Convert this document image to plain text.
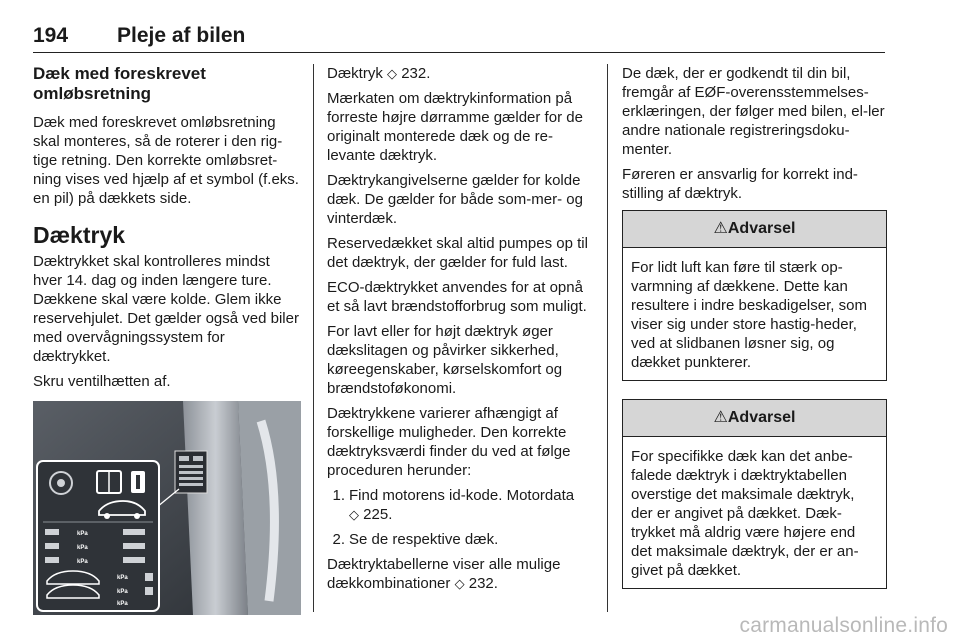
194 Pleje af bilen
Dæk med foreskrevet omløbsretning

Dæk med foreskrevet omløbsretning skal monteres, så de roterer i den rig-tige retning. Den korrekte omløbsret-ning vises ved hjælp af et symbol (f.eks. en pil) på dækkets side.

Dæktryk

Dæktrykket skal kontrolleres mindst hver 14. dag og inden længere ture. Dækkene skal være kolde. Glem ikke reservehjulet. Det gælder også ved biler med overvågningssystem for dæktrykket.

Skru ventilhætten af.

kPa
kPa
kPa
kPa
kPa
kPa

Dæktryk ◇ 232.

Mærkaten om dæktrykinformation på forreste højre dørramme gælder for de originalt monterede dæk og de re-levante dæktryk.

Dæktrykangivelserne gælder for kolde dæk. De gælder for både som-mer- og vinterdæk.

Reservedækket skal altid pumpes op til det dæktryk, der gælder for fuld last.

ECO-dæktrykket anvendes for at opnå et så lavt brændstofforbrug som muligt.

For lavt eller for højt dæktryk øger dækslitagen og påvirker sikkerhed, køreegenskaber, kørselskomfort og brændstoføkonomi.

Dæktrykkene varierer afhængigt af forskellige muligheder. Den korrekte dæktryksværdi finder du ved at følge proceduren herunder:

1. Find motorens id-kode. Motordata
◇ 225.
2. Se de respektive dæk.

Dæktryktabellerne viser alle mulige dækkombinationer ◇ 232.

De dæk, der er godkendt til din bil, fremgår af EØF-overensstemmelses-erklæringen, der følger med bilen, el-ler andre nationale registreringsdoku-menter.

Føreren er ansvarlig for korrekt ind-stilling af dæktryk.

⚠Advarsel

For lidt luft kan føre til stærk op-varmning af dækkene. Dette kan resultere i indre beskadigelser, som viser sig under store hastig-heder, ved at slidbanen løsner sig, og dækket punkterer.

⚠Advarsel

For specifikke dæk kan det anbe-falede dæktryk i dæktryktabellen overstige det maksimale dæktryk, der er angivet på dækket. Dæk-trykket må aldrig være højere end det maksimale dæktryk, der er an-givet på dækket.

carmanualsonline.info
